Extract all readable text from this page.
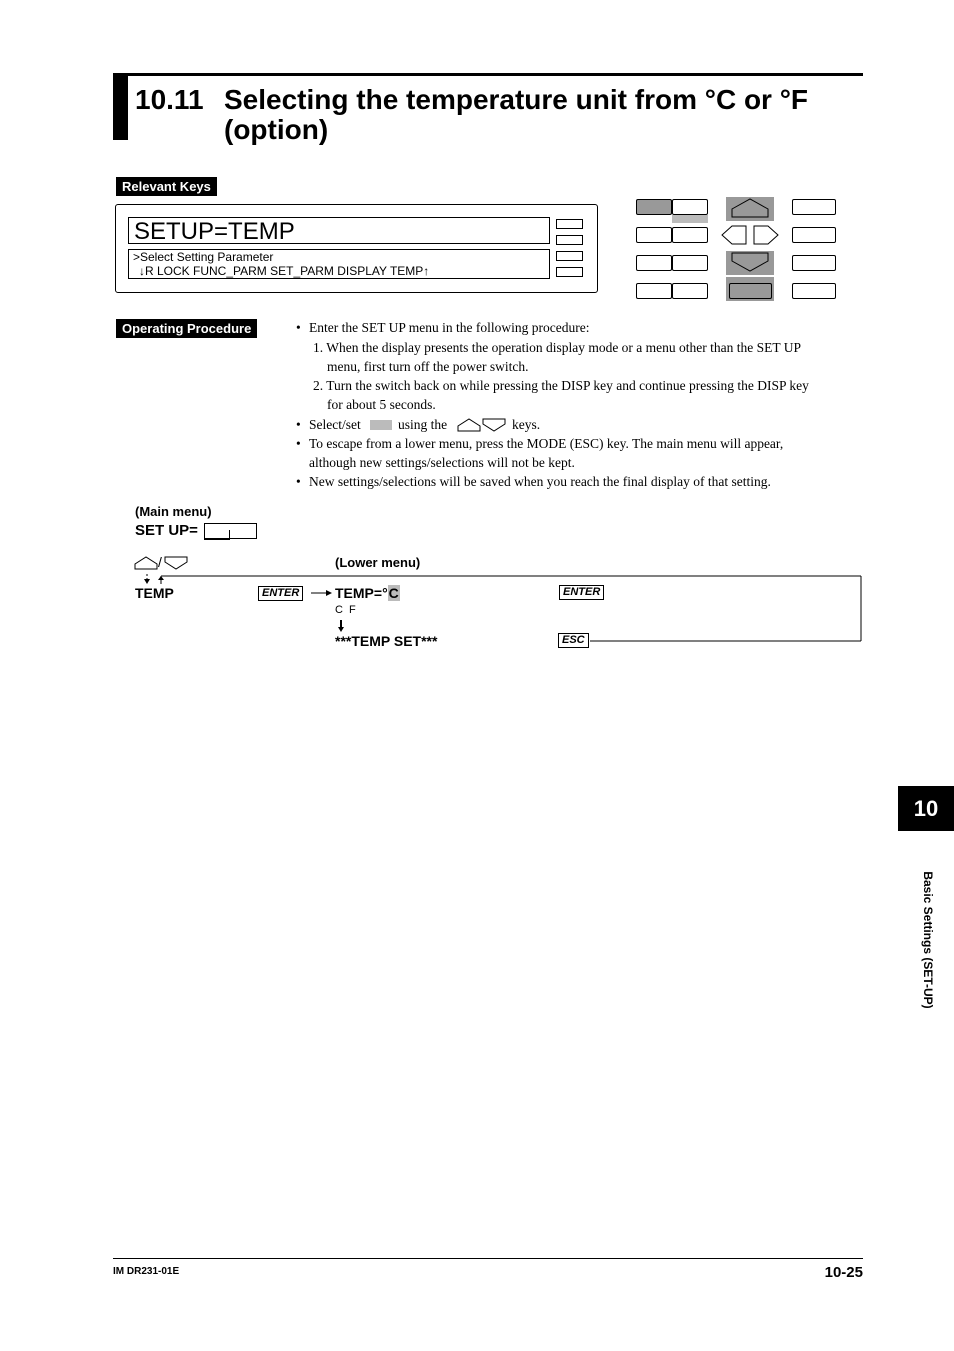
10.11 Selecting the temperature unit from °C or °F
(option)
Relevant Keys
SETUP=TEMP
>Select Setting Parameter
↓R LOCK FUNC_PARM SET_PARM DISPLAY TEMP↑
Operating Procedure	• Enter the SET UP menu in the following procedure:
1. When the display presents the operation display mode or a menu other than the SET UP
menu, first turn off the power switch.
2. Turn the switch back on while pressing the DISP key and continue pressing the DISP key
for about 5 seconds.
• Select/set	using the	keys.
• To escape from a lower menu, press the MODE (ESC) key. The main menu will appear,
although new settings/selections will not be kept.
• New settings/selections will be saved when you reach the final display of that setting.
(Main menu)
SET UP=
/	(Lower menu)
TEMP	ENTER	TEMP=°C
C  F
***TEMP SET***
ENTER
ESC
10
Basic Settings (SET-UP)
IM DR231-01E	10-25
